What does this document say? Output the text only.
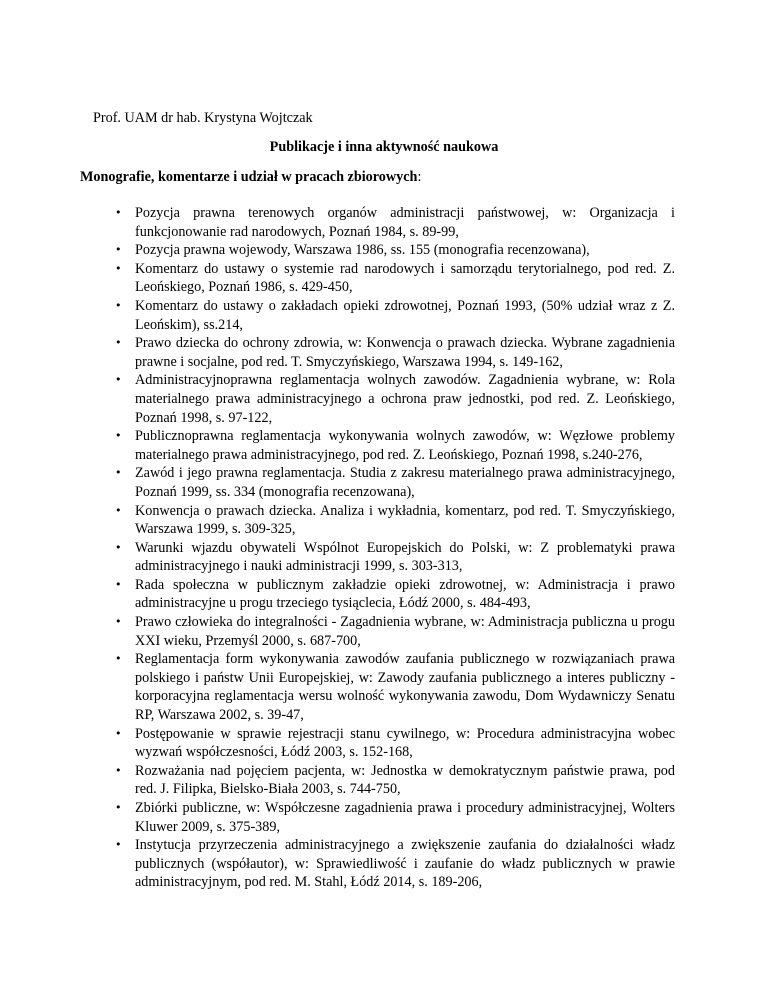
Prof. UAM dr hab. Krystyna Wojtczak
Publikacje i inna aktywność naukowa
Monografie, komentarze i udział w pracach zbiorowych:
• Pozycja prawna terenowych organów administracji państwowej, w: Organizacja i funkcjonowanie rad narodowych, Poznań 1984, s. 89-99,
• Pozycja prawna wojewody, Warszawa 1986, ss. 155 (monografia recenzowana),
• Komentarz do ustawy o systemie rad narodowych i samorządu terytorialnego, pod red. Z. Leońskiego, Poznań 1986, s. 429-450,
• Komentarz do ustawy o zakładach opieki zdrowotnej, Poznań 1993, (50% udział wraz z Z. Leońskim), ss.214,
• Prawo dziecka do ochrony zdrowia, w: Konwencja o prawach dziecka. Wybrane zagadnienia prawne i socjalne, pod red. T. Smyczyńskiego, Warszawa 1994, s. 149-162,
• Administracyjnoprawna reglamentacja wolnych zawodów. Zagadnienia wybrane, w: Rola materialnego prawa administracyjnego a ochrona praw jednostki, pod red. Z. Leońskiego, Poznań 1998, s. 97-122,
• Publicznoprawna reglamentacja wykonywania wolnych zawodów, w: Węzłowe problemy materialnego prawa administracyjnego, pod red. Z. Leońskiego, Poznań 1998, s.240-276,
• Zawód i jego prawna reglamentacja. Studia z zakresu materialnego prawa administracyjnego, Poznań 1999, ss. 334 (monografia recenzowana),
• Konwencja o prawach dziecka. Analiza i wykładnia, komentarz, pod red. T. Smyczyńskiego, Warszawa 1999, s. 309-325,
• Warunki wjazdu obywateli Wspólnot Europejskich do Polski, w: Z problematyki prawa administracyjnego i nauki administracji 1999, s. 303-313,
• Rada społeczna w publicznym zakładzie opieki zdrowotnej, w: Administracja i prawo administracyjne u progu trzeciego tysiąclecia, Łódź 2000, s. 484-493,
• Prawo człowieka do integralności - Zagadnienia wybrane, w: Administracja publiczna u progu XXI wieku, Przemyśl 2000, s. 687-700,
• Reglamentacja form wykonywania zawodów zaufania publicznego w rozwiązaniach prawa polskiego i państw Unii Europejskiej, w: Zawody zaufania publicznego a interes publiczny - korporacyjna reglamentacja wersu wolność wykonywania zawodu, Dom Wydawniczy Senatu RP, Warszawa 2002, s. 39-47,
• Postępowanie w sprawie rejestracji stanu cywilnego, w: Procedura administracyjna wobec wyzwań współczesności, Łódź 2003, s. 152-168,
• Rozważania nad pojęciem pacjenta, w: Jednostka w demokratycznym państwie prawa, pod red. J. Filipka, Bielsko-Biała 2003, s. 744-750,
• Zbiórki publiczne, w: Współczesne zagadnienia prawa i procedury administracyjnej, Wolters Kluwer 2009, s. 375-389,
• Instytucja przyrzeczenia administracyjnego a zwiększenie zaufania do działalności władz publicznych (współautor), w: Sprawiedliwość i zaufanie do władz publicznych w prawie administracyjnym, pod red. M. Stahl, Łódź 2014, s. 189-206,
